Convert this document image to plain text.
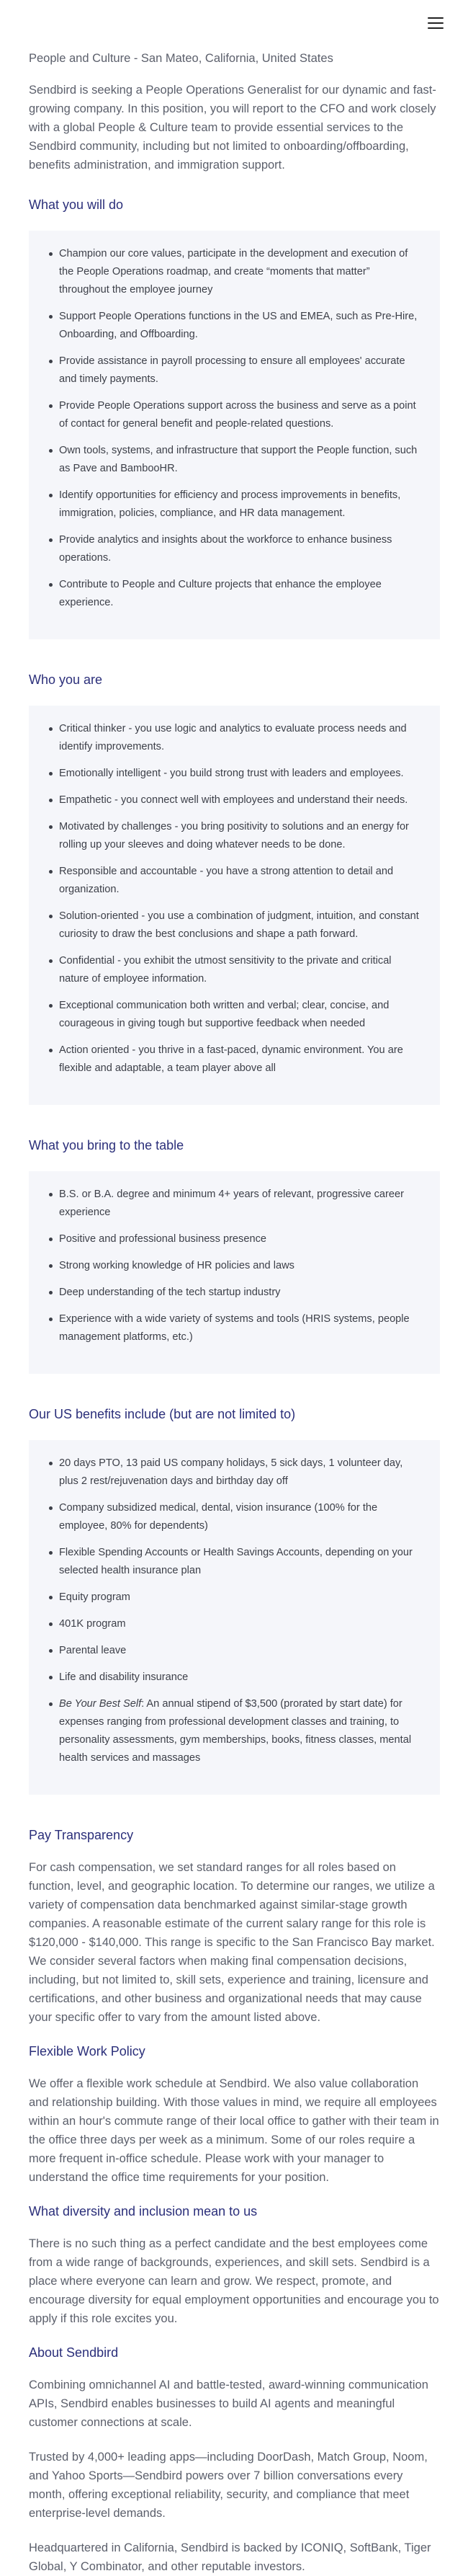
People and Culture - San Mateo, California, United States

Sendbird is seeking a People Operations Generalist for our dynamic and fast-growing company. In this position, you will report to the CFO and work closely with a global People & Culture team to provide essential services to the Sendbird community, including but not limited to onboarding/offboarding, benefits administration, and immigration support.

What you will do
Champion our core values, participate in the development and execution of the People Operations roadmap, and create “moments that matter” throughout the employee journey
Support People Operations functions in the US and EMEA, such as Pre-Hire, Onboarding, and Offboarding.
Provide assistance in payroll processing to ensure all employees' accurate and timely payments.
Provide People Operations support across the business and serve as a point of contact for general benefit and people-related questions.
Own tools, systems, and infrastructure that support the People function, such as Pave and BambooHR.
Identify opportunities for efficiency and process improvements in benefits, immigration, policies, compliance, and HR data management.
Provide analytics and insights about the workforce to enhance business operations.
Contribute to People and Culture projects that enhance the employee experience.
Who you are
Critical thinker - you use logic and analytics to evaluate process needs and identify improvements.
Emotionally intelligent - you build strong trust with leaders and employees.
Empathetic - you connect well with employees and understand their needs.
Motivated by challenges - you bring positivity to solutions and an energy for rolling up your sleeves and doing whatever needs to be done.
Responsible and accountable - you have a strong attention to detail and organization.
Solution-oriented - you use a combination of judgment, intuition, and constant curiosity to draw the best conclusions and shape a path forward.
Confidential - you exhibit the utmost sensitivity to the private and critical nature of employee information.
Exceptional communication both written and verbal; clear, concise, and courageous in giving tough but supportive feedback when needed
Action oriented - you thrive in a fast-paced, dynamic environment. You are flexible and adaptable, a team player above all
What you bring to the table
B.S. or B.A. degree and minimum 4+ years of relevant, progressive career experience
Positive and professional business presence
Strong working knowledge of HR policies and laws
Deep understanding of the tech startup industry
Experience with a wide variety of systems and tools (HRIS systems, people management platforms, etc.)
Our US benefits include (but are not limited to)
20 days PTO, 13 paid US company holidays, 5 sick days, 1 volunteer day, plus 2 rest/rejuvenation days and birthday day off
Company subsidized medical, dental, vision insurance (100% for the employee, 80% for dependents)
Flexible Spending Accounts or Health Savings Accounts, depending on your selected health insurance plan
Equity program
401K program
Parental leave
Life and disability insurance
Be Your Best Self: An annual stipend of $3,500 (prorated by start date) for expenses ranging from professional development classes and training, to personality assessments, gym memberships, books, fitness classes, mental health services and massages
Pay Transparency

For cash compensation, we set standard ranges for all roles based on function, level, and geographic location. To determine our ranges, we utilize a variety of compensation data benchmarked against similar-stage growth companies. A reasonable estimate of the current salary range for this role is $120,000 - $140,000. This range is specific to the San Francisco Bay market. We consider several factors when making final compensation decisions, including, but not limited to, skill sets, experience and training, licensure and certifications, and other business and organizational needs that may cause your specific offer to vary from the amount listed above.

Flexible Work Policy

We offer a flexible work schedule at Sendbird. We also value collaboration and relationship building. With those values in mind, we require all employees within an hour's commute range of their local office to gather with their team in the office three days per week as a minimum. Some of our roles require a more frequent in-office schedule. Please work with your manager to understand the office time requirements for your position.

What diversity and inclusion mean to us

There is no such thing as a perfect candidate and the best employees come from a wide range of backgrounds, experiences, and skill sets. Sendbird is a place where everyone can learn and grow. We respect, promote, and encourage diversity for equal employment opportunities and encourage you to apply if this role excites you.

About Sendbird

Combining omnichannel AI and battle-tested, award-winning communication APIs, Sendbird enables businesses to build AI agents and meaningful customer connections at scale.

Trusted by 4,000+ leading apps—including DoorDash, Match Group, Noom, and Yahoo Sports—Sendbird powers over 7 billion conversations every month, offering exceptional reliability, security, and compliance that meet enterprise-level demands.

Headquartered in California, Sendbird is backed by ICONIQ, SoftBank, Tiger Global, Y Combinator, and other reputable investors.
